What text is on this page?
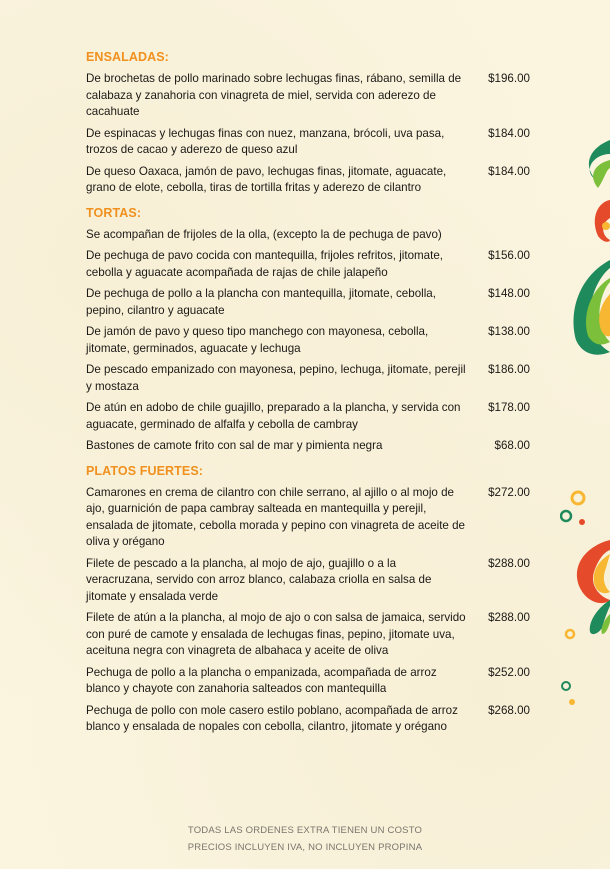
ENSALADAS:
De brochetas de pollo marinado sobre lechugas finas, rábano, semilla de calabaza y zanahoria con vinagreta de miel, servida con aderezo de cacahuate
$196.00
De espinacas y lechugas finas con nuez, manzana, brócoli, uva pasa, trozos de cacao y aderezo de queso azul
$184.00
De queso Oaxaca, jamón de pavo, lechugas finas, jitomate, aguacate, grano de elote, cebolla, tiras de tortilla fritas y aderezo de cilantro
$184.00
TORTAS:
Se acompañan de frijoles de la olla, (excepto la de pechuga de pavo)
De pechuga de pavo cocida con mantequilla, frijoles refritos, jitomate, cebolla y aguacate acompañada de rajas de chile jalapeño
$156.00
De pechuga de pollo a la plancha con mantequilla, jitomate, cebolla, pepino, cilantro y aguacate
$148.00
De jamón de pavo y queso tipo manchego con mayonesa, cebolla, jitomate, germinados, aguacate y lechuga
$138.00
De pescado empanizado con mayonesa, pepino, lechuga, jitomate, perejil y mostaza
$186.00
De atún en adobo de chile guajillo, preparado a la plancha, y servida con aguacate, germinado de alfalfa y cebolla de cambray
$178.00
Bastones de camote frito con sal de mar y pimienta negra	$68.00
PLATOS FUERTES:
Camarones en crema de cilantro con chile serrano, al ajillo o al mojo de ajo, guarnición de papa cambray salteada en mantequilla y perejil, ensalada de jitomate, cebolla morada y pepino con vinagreta de aceite de oliva y orégano
$272.00
Filete de pescado a la plancha, al mojo de ajo, guajillo o a la veracruzana, servido con arroz blanco, calabaza criolla en salsa de jitomate y ensalada verde
$288.00
Filete de atún a la plancha, al mojo de ajo o con salsa de jamaica, servido con puré de camote y ensalada de lechugas finas, pepino, jitomate uva, aceituna negra con vinagreta de albahaca y aceite de oliva
$288.00
Pechuga de pollo a la plancha o empanizada, acompañada de arroz blanco y chayote con zanahoria salteados con mantequilla
$252.00
Pechuga de pollo con mole casero estilo poblano, acompañada de arroz blanco y ensalada de nopales con cebolla, cilantro, jitomate y orégano
$268.00
TODAS LAS ORDENES EXTRA TIENEN UN COSTO
PRECIOS INCLUYEN IVA, NO INCLUYEN PROPINA
